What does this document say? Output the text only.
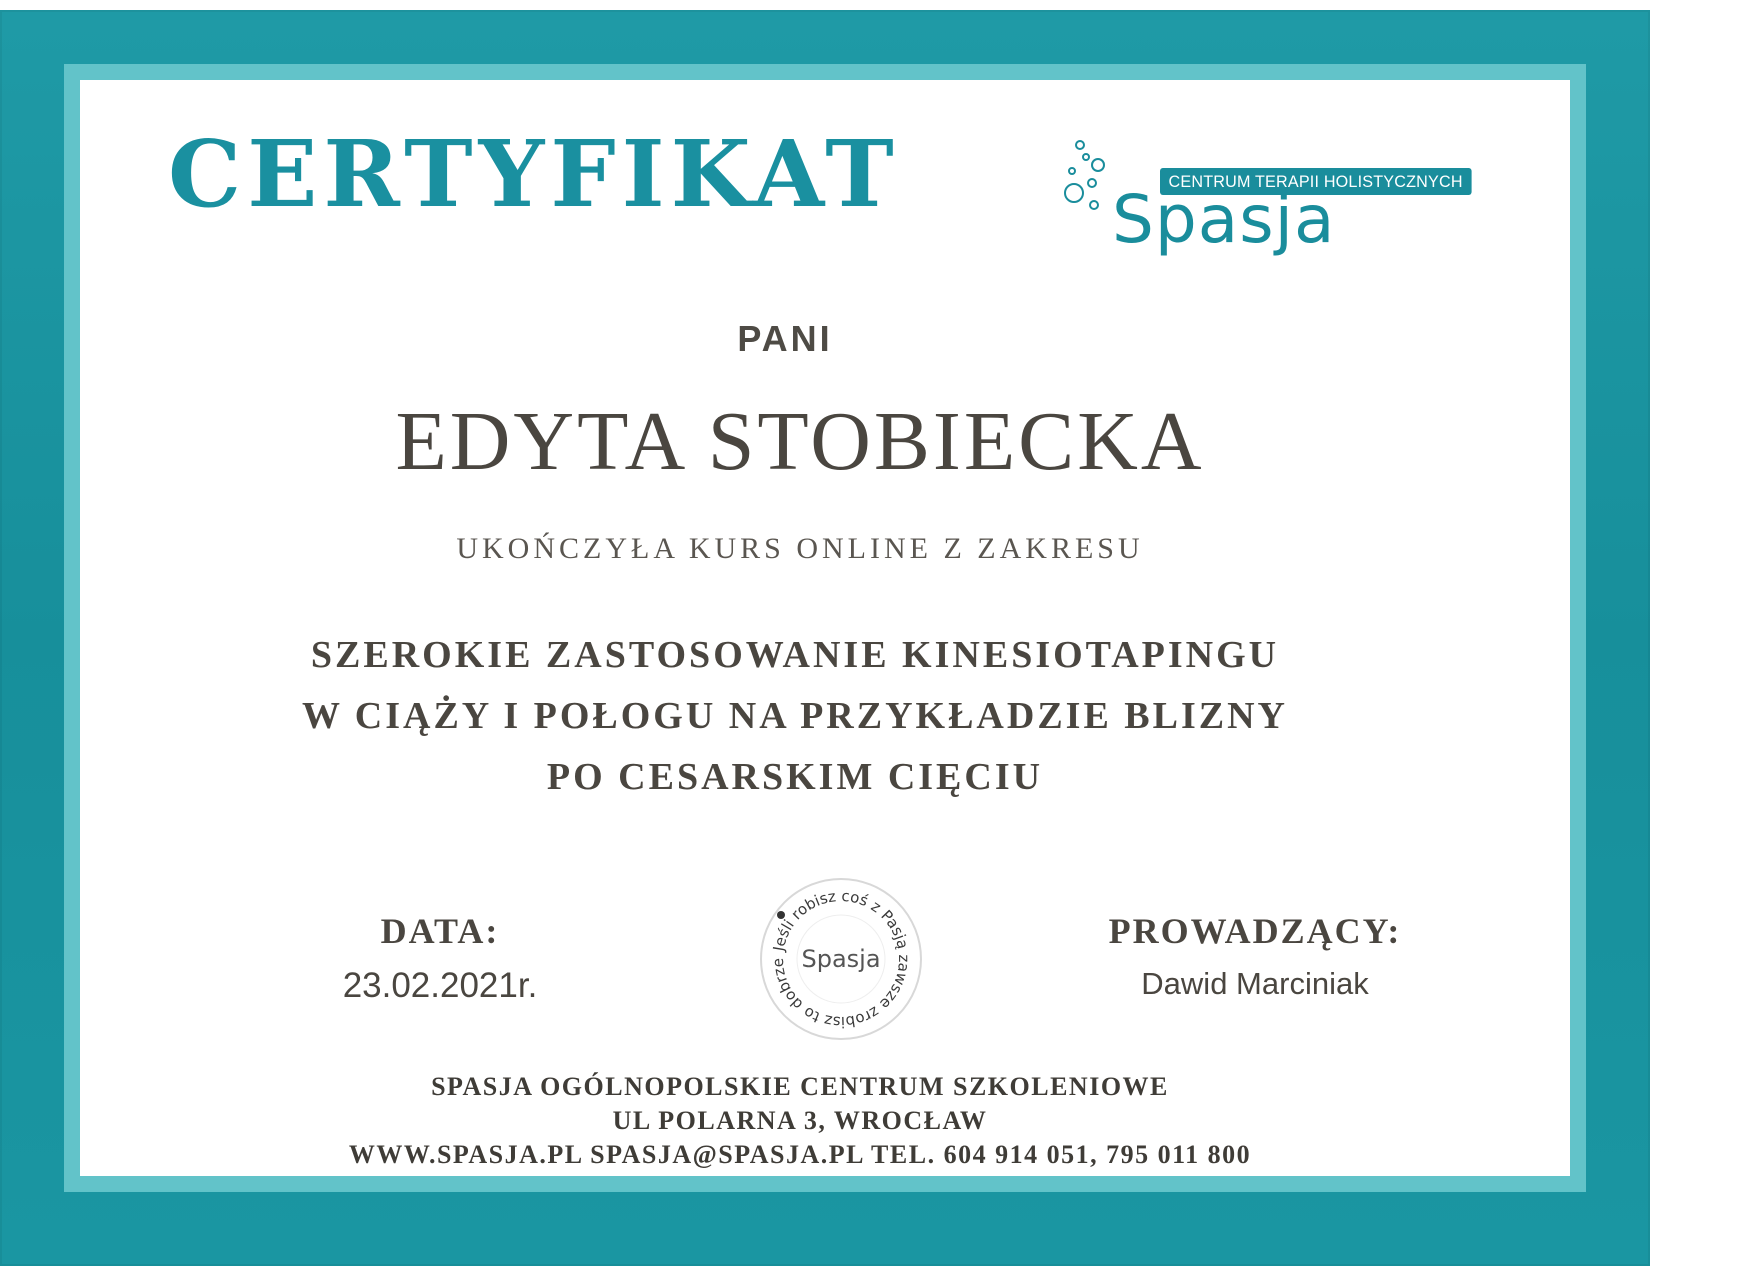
CERTYFIKAT	CENTRUM TERAPII HOLISTYCZNYCH
Spasja
PANI
EDYTA STOBIECKA
UKOŃCZYŁA KURS ONLINE Z ZAKRESU
SZEROKIE ZASTOSOWANIE KINESIOTAPINGU
W CIĄŻY I POŁOGU NA PRZYKŁADZIE BLIZNY
PO CESARSKIM CIĘCIU
DATA:
23.02.2021r.
Jeśli robisz coś z Pasją zawsze zrobisz to dobrze Spasja
PROWADZĄCY:
Dawid Marciniak
SPASJA OGÓLNOPOLSKIE CENTRUM SZKOLENIOWE
UL POLARNA 3, WROCŁAW
WWW.SPASJA.PL SPASJA@SPASJA.PL TEL. 604 914 051, 795 011 800
